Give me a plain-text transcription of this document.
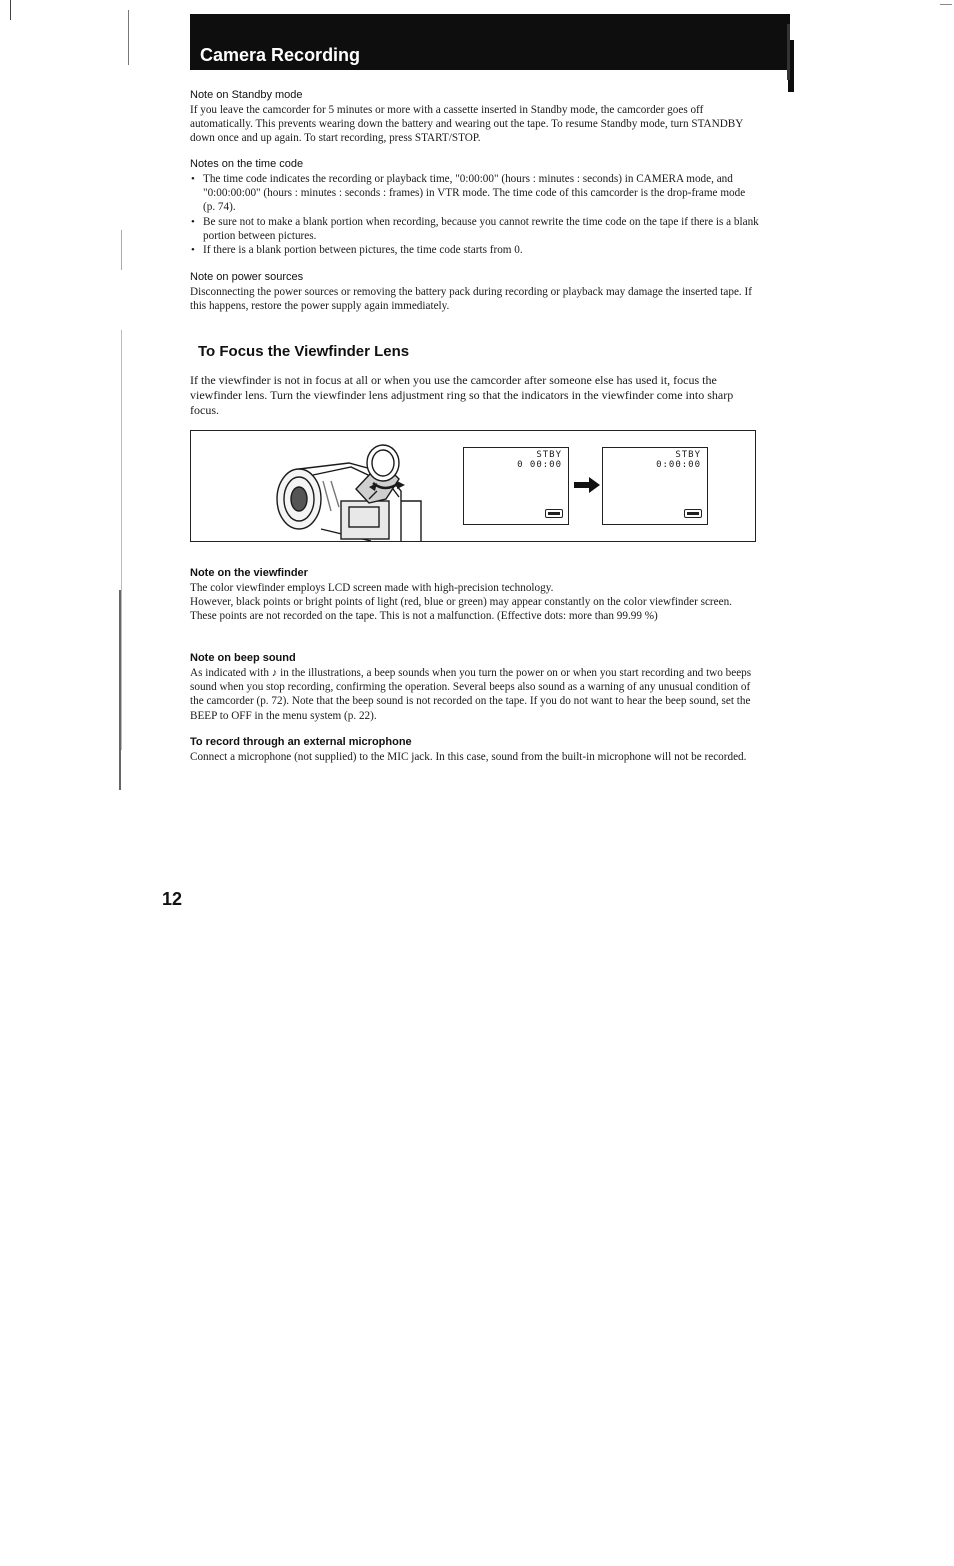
Camera Recording

Note on Standby mode

If you leave the camcorder for 5 minutes or more with a cassette inserted in Standby mode, the camcorder goes off automatically. This prevents wearing down the battery and wearing out the tape. To resume Standby mode, turn STANDBY down once and up again. To start recording, press START/STOP.

Notes on the time code

• The time code indicates the recording or playback time, "0:00:00" (hours : minutes : seconds) in CAMERA mode, and "0:00:00:00" (hours : minutes : seconds : frames) in VTR mode. The time code of this camcorder is the drop-frame mode (p. 74).
• Be sure not to make a blank portion when recording, because you cannot rewrite the time code on the tape if there is a blank portion between pictures.
• If there is a blank portion between pictures, the time code starts from 0.

Note on power sources

Disconnecting the power sources or removing the battery pack during recording or playback may damage the inserted tape. If this happens, restore the power supply again immediately.

To Focus the Viewfinder Lens

If the viewfinder is not in focus at all or when you use the camcorder after someone else has used it, focus the viewfinder lens. Turn the viewfinder lens adjustment ring so that the indicators in the viewfinder come into sharp focus.

STBY
0 00:00
STBY
0:00:00

Note on the viewfinder

The color viewfinder employs LCD screen made with high-precision technology.

However, black points or bright points of light (red, blue or green) may appear constantly on the color viewfinder screen. These points are not recorded on the tape. This is not a malfunction. (Effective dots: more than 99.99 %)

Note on beep sound

As indicated with ♪ in the illustrations, a beep sounds when you turn the power on or when you start recording and two beeps sound when you stop recording, confirming the operation. Several beeps also sound as a warning of any unusual condition of the camcorder (p. 72). Note that the beep sound is not recorded on the tape. If you do not want to hear the beep sound, set the BEEP to OFF in the menu system (p. 22).

To record through an external microphone

Connect a microphone (not supplied) to the MIC jack. In this case, sound from the built-in microphone will not be recorded.

12
